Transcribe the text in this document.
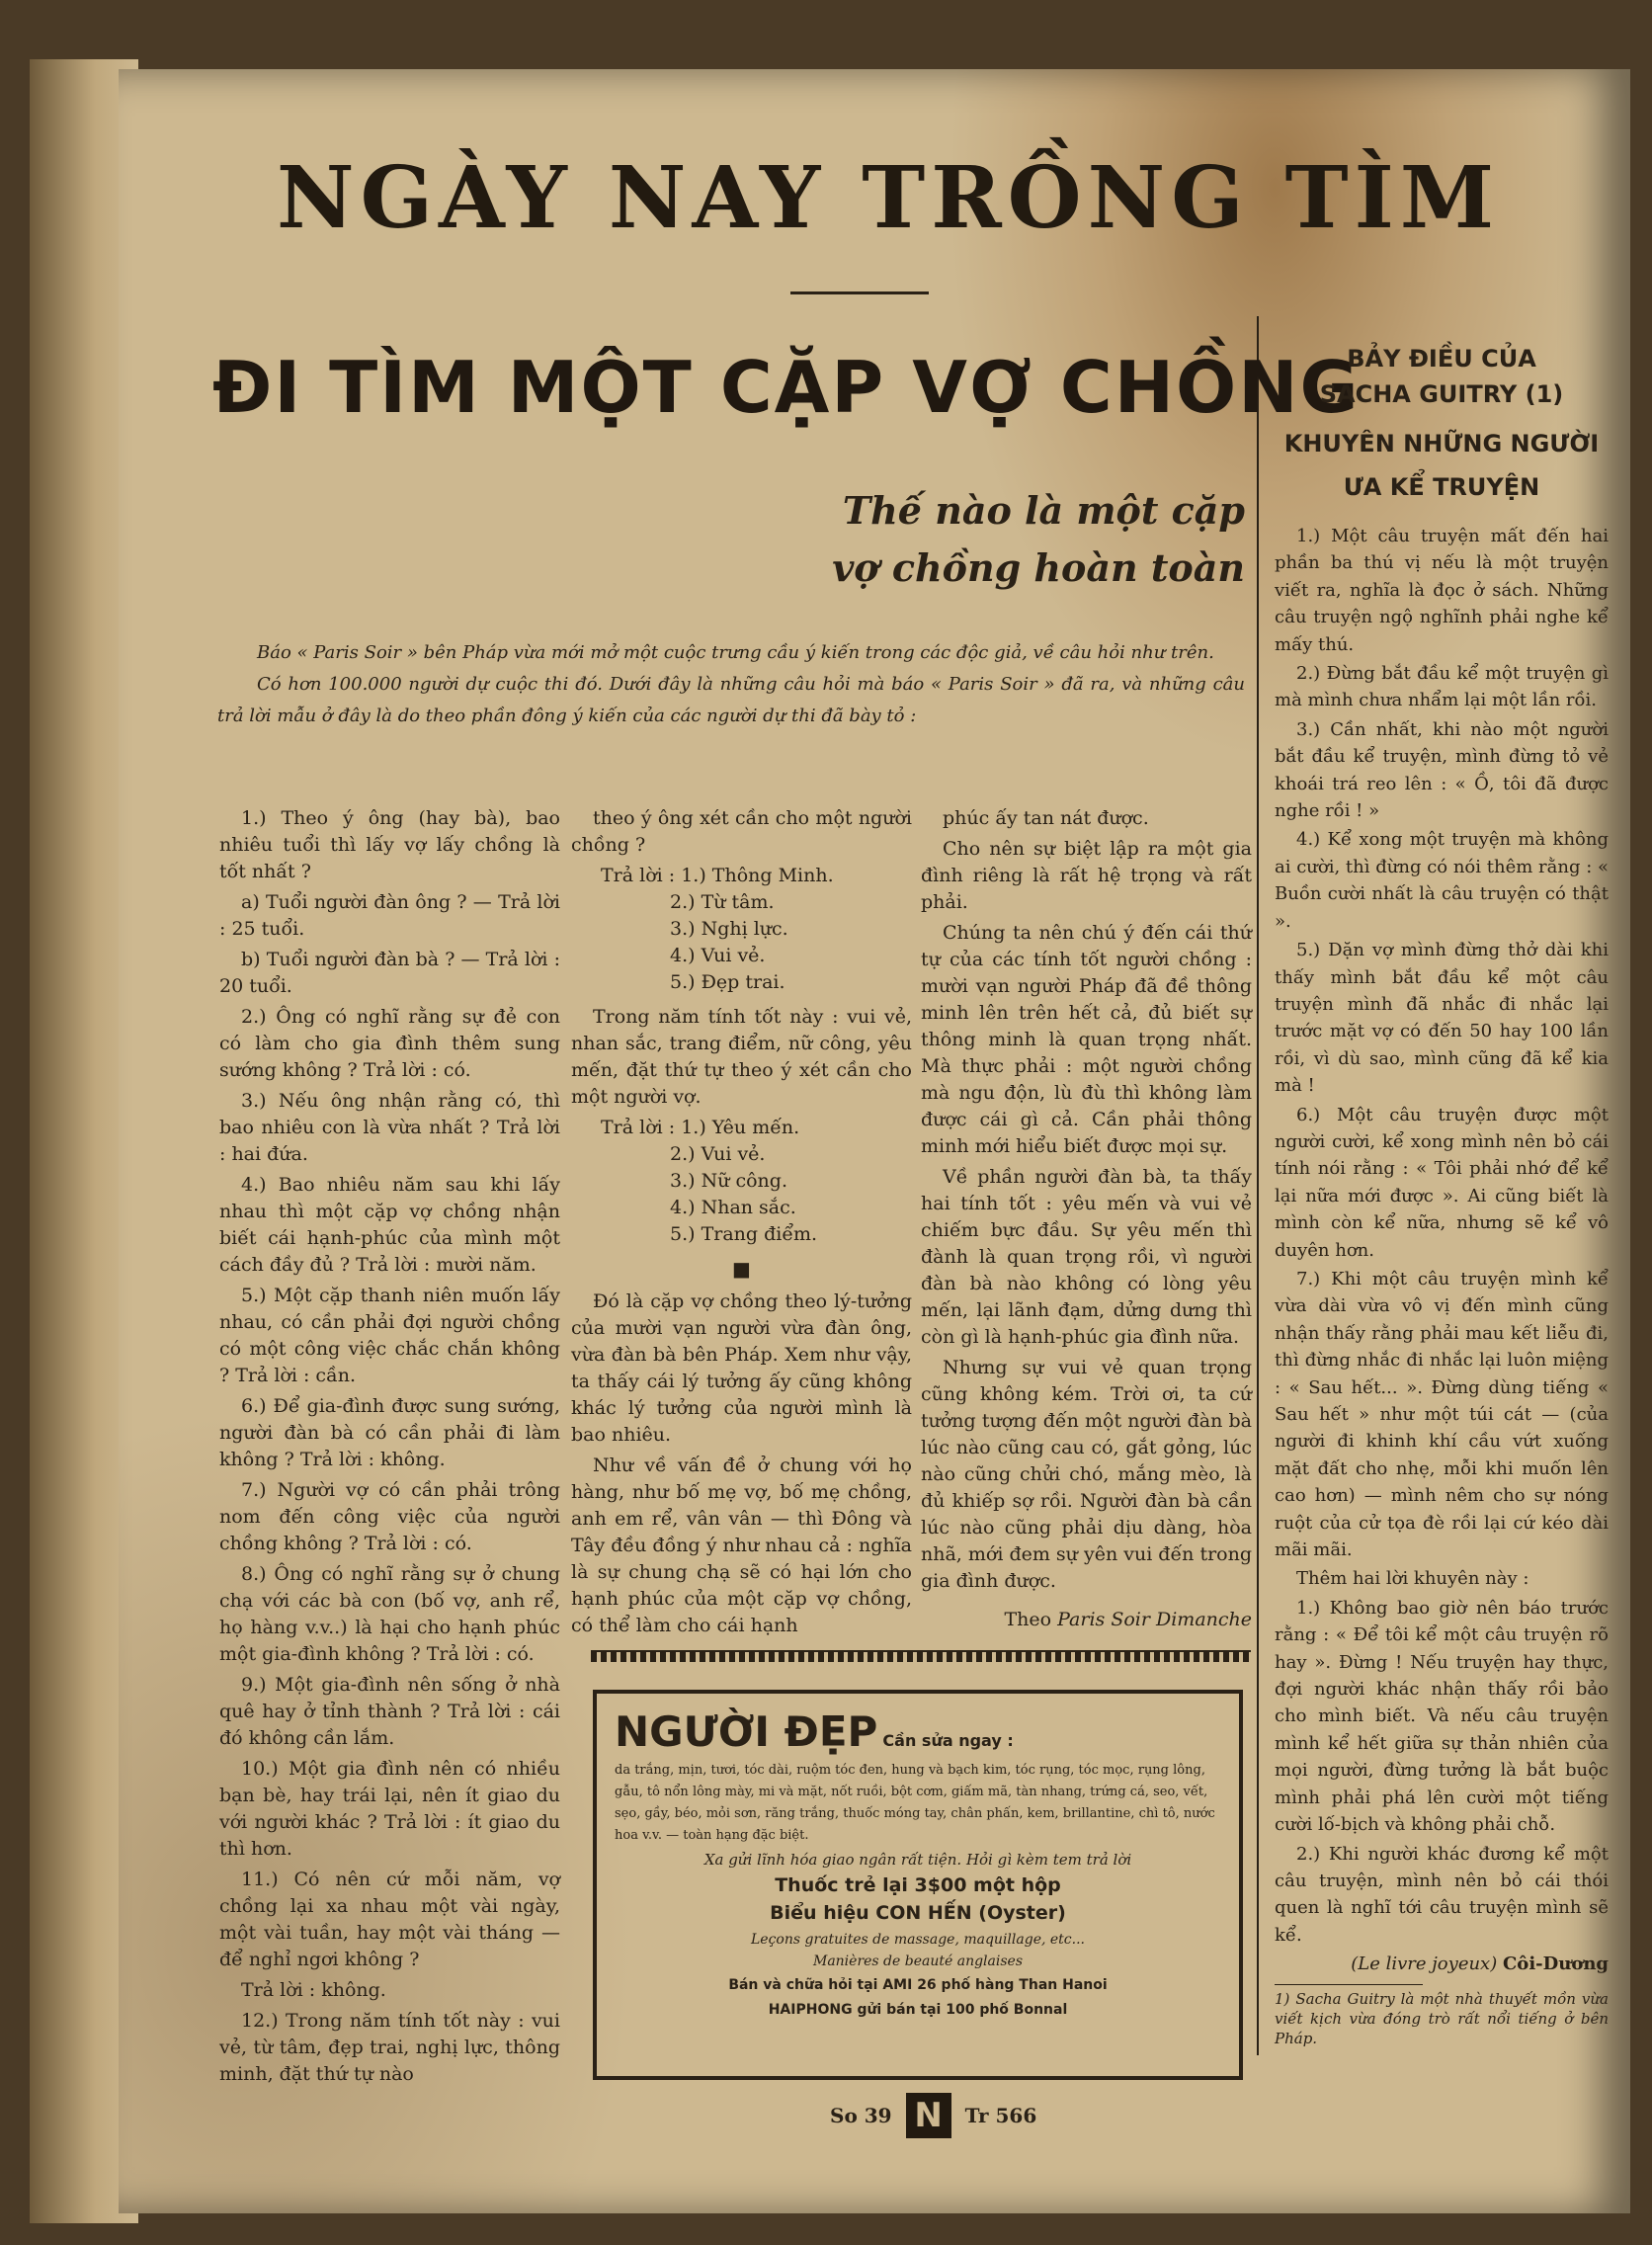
NGÀY NAY TRỒNG TÌM
ĐI TÌM MỘT CẶP VỢ CHỒNG
Thế nào là một cặp
vợ chồng hoàn toàn

Báo « Paris Soir » bên Pháp vừa mới mở một cuộc trưng cầu ý kiến trong các độc giả, về câu hỏi như trên.

Có hơn 100.000 người dự cuộc thi đó. Dưới đây là những câu hỏi mà báo « Paris Soir » đã ra, và những câu trả lời mẫu ở đây là do theo phần đông ý kiến của các người dự thi đã bày tỏ :

1.) Theo ý ông (hay bà), bao nhiêu tuổi thì lấy vợ lấy chồng là tốt nhất ?

a) Tuổi người đàn ông ? — Trả lời : 25 tuổi.

b) Tuổi người đàn bà ? — Trả lời : 20 tuổi.

2.) Ông có nghĩ rằng sự đẻ con có làm cho gia đình thêm sung sướng không ? Trả lời : có.

3.) Nếu ông nhận rằng có, thì bao nhiêu con là vừa nhất ? Trả lời : hai đứa.

4.) Bao nhiêu năm sau khi lấy nhau thì một cặp vợ chồng nhận biết cái hạnh-phúc của mình một cách đầy đủ ? Trả lời : mười năm.

5.) Một cặp thanh niên muốn lấy nhau, có cần phải đợi người chồng có một công việc chắc chắn không ? Trả lời : cần.

6.) Để gia-đình được sung sướng, người đàn bà có cần phải đi làm không ? Trả lời : không.

7.) Người vợ có cần phải trông nom đến công việc của người chồng không ? Trả lời : có.

8.) Ông có nghĩ rằng sự ở chung chạ với các bà con (bố vợ, anh rể, họ hàng v.v..) là hại cho hạnh phúc một gia-đình không ? Trả lời : có.

9.) Một gia-đình nên sống ở nhà quê hay ở tỉnh thành ? Trả lời : cái đó không cần lắm.

10.) Một gia đình nên có nhiều bạn bè, hay trái lại, nên ít giao du với người khác ? Trả lời : ít giao du thì hơn.

11.) Có nên cứ mỗi năm, vợ chồng lại xa nhau một vài ngày, một vài tuần, hay một vài tháng — để nghỉ ngơi không ?

Trả lời : không.

12.) Trong năm tính tốt này : vui vẻ, từ tâm, đẹp trai, nghị lực, thông minh, đặt thứ tự nào

theo ý ông xét cần cho một người chồng ?

Trả lời : 1.) Thông Minh.
2.) Từ tâm.
3.) Nghị lực.
4.) Vui vẻ.
5.) Đẹp trai.

Trong năm tính tốt này : vui vẻ, nhan sắc, trang điểm, nữ công, yêu mến, đặt thứ tự theo ý xét cần cho một người vợ.

Trả lời : 1.) Yêu mến.
2.) Vui vẻ.
3.) Nữ công.
4.) Nhan sắc.
5.) Trang điểm.
■

Đó là cặp vợ chồng theo lý-tưởng của mười vạn người vừa đàn ông, vừa đàn bà bên Pháp. Xem như vậy, ta thấy cái lý tưởng ấy cũng không khác lý tưởng của người mình là bao nhiêu.

Như về vấn đề ở chung với họ hàng, như bố mẹ vợ, bố mẹ chồng, anh em rể, vân vân — thì Đông và Tây đều đồng ý như nhau cả : nghĩa là sự chung chạ sẽ có hại lớn cho hạnh phúc của một cặp vợ chồng, có thể làm cho cái hạnh

phúc ấy tan nát được.

Cho nên sự biệt lập ra một gia đình riêng là rất hệ trọng và rất phải.

Chúng ta nên chú ý đến cái thứ tự của các tính tốt người chồng : mười vạn người Pháp đã đề thông minh lên trên hết cả, đủ biết sự thông minh là quan trọng nhất. Mà thực phải : một người chồng mà ngu độn, lù đù thì không làm được cái gì cả. Cần phải thông minh mới hiểu biết được mọi sự.

Về phần người đàn bà, ta thấy hai tính tốt : yêu mến và vui vẻ chiếm bực đầu. Sự yêu mến thì đành là quan trọng rồi, vì người đàn bà nào không có lòng yêu mến, lại lãnh đạm, dửng dưng thì còn gì là hạnh-phúc gia đình nữa.

Nhưng sự vui vẻ quan trọng cũng không kém. Trời ơi, ta cứ tưởng tượng đến một người đàn bà lúc nào cũng cau có, gắt gỏng, lúc nào cũng chửi chó, mắng mèo, là đủ khiếp sợ rồi. Người đàn bà cần lúc nào cũng phải dịu dàng, hòa nhã, mới đem sự yên vui đến trong gia đình được.

Theo Paris Soir Dimanche
NGƯỜI ĐẸP Cần sửa ngay :
da trắng, mịn, tươi, tóc dài, ruộm tóc đen, hung và bạch kim, tóc rụng, tóc mọc, rụng lông, gẫu, tô nổn lông mày, mi và mặt, nốt ruồi, bột cơm, giấm mã, tàn nhang, trứng cá, seo, vết, sẹo, gầy, béo, mỏi sơn, răng trắng, thuốc móng tay, chân phấn, kem, brillantine, chì tô, nước hoa v.v. — toàn hạng đặc biệt.
Xa gửi lĩnh hóa giao ngân rất tiện. Hỏi gì kèm tem trả lời
Thuốc trẻ lại 3$00 một hộp
Biểu hiệu CON HẾN (Oyster)
Leçons gratuites de massage, maquillage, etc...
Manières de beauté anglaises
Bán và chữa hỏi tại AMI 26 phố hàng Than Hanoi
HAIPHONG gửi bán tại 100 phố Bonnal
BẢY ĐIỀU CỦA
SACHA GUITRY (1)
KHUYÊN NHỮNG NGƯỜI
ƯA KỂ TRUYỆN

1.) Một câu truyện mất đến hai phần ba thú vị nếu là một truyện viết ra, nghĩa là đọc ở sách. Những câu truyện ngộ nghĩnh phải nghe kể mấy thú.

2.) Đừng bắt đầu kể một truyện gì mà mình chưa nhẩm lại một lần rồi.

3.) Cần nhất, khi nào một người bắt đầu kể truyện, mình đừng tỏ vẻ khoái trá reo lên : « Ồ, tôi đã được nghe rồi ! »

4.) Kể xong một truyện mà không ai cười, thì đừng có nói thêm rằng : « Buồn cười nhất là câu truyện có thật ».

5.) Dặn vợ mình đừng thở dài khi thấy mình bắt đầu kể một câu truyện mình đã nhắc đi nhắc lại trước mặt vợ có đến 50 hay 100 lần rồi, vì dù sao, mình cũng đã kể kia mà !

6.) Một câu truyện được một người cười, kể xong mình nên bỏ cái tính nói rằng : « Tôi phải nhớ để kể lại nữa mới được ». Ai cũng biết là mình còn kể nữa, nhưng sẽ kể vô duyên hơn.

7.) Khi một câu truyện mình kể vừa dài vừa vô vị đến mình cũng nhận thấy rằng phải mau kết liễu đi, thì đừng nhắc đi nhắc lại luôn miệng : « Sau hết... ». Đừng dùng tiếng « Sau hết » như một túi cát — (của người đi khinh khí cầu vứt xuống mặt đất cho nhẹ, mỗi khi muốn lên cao hơn) — mình nêm cho sự nóng ruột của cử tọa đè rồi lại cứ kéo dài mãi mãi.

Thêm hai lời khuyên này :

1.) Không bao giờ nên báo trước rằng : « Để tôi kể một câu truyện rõ hay ». Đừng ! Nếu truyện hay thực, đợi người khác nhận thấy rồi bảo cho mình biết. Và nếu câu truyện mình kể hết giữa sự thản nhiên của mọi người, đừng tưởng là bắt buộc mình phải phá lên cười một tiếng cười lố-bịch và không phải chỗ.

2.) Khi người khác đương kể một câu truyện, mình nên bỏ cái thói quen là nghĩ tới câu truyện mình sẽ kể.

(Le livre joyeux) Côi-Dương
1) Sacha Guitry là một nhà thuyết mồn vừa viết kịch vừa đóng trò rất nổi tiếng ở bên Pháp.
So 39 N	Tr 566
